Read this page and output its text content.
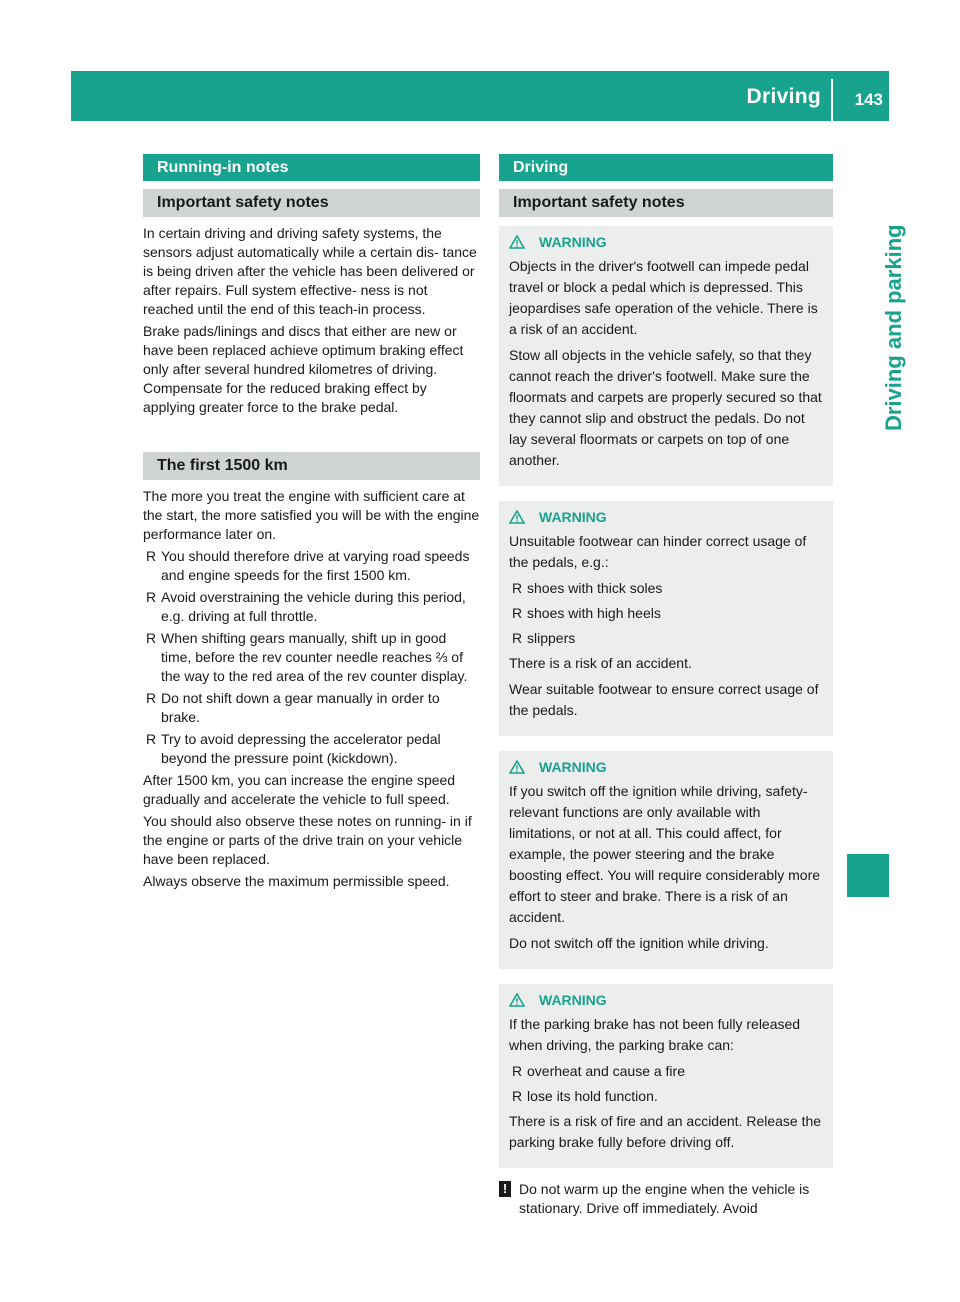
Driving 143
Driving and parking
Running-in notes
Important safety notes

In certain driving and driving safety systems, the sensors adjust automatically while a certain dis- tance is being driven after the vehicle has been delivered or after repairs. Full system effective- ness is not reached until the end of this teach-in process.

Brake pads/linings and discs that either are new or have been replaced achieve optimum braking effect only after several hundred kilometres of driving. Compensate for the reduced braking effect by applying greater force to the brake pedal.

The first 1500 km

The more you treat the engine with sufficient care at the start, the more satisfied you will be with the engine performance later on.

R You should therefore drive at varying road speeds and engine speeds for the first 1500 km.
R Avoid overstraining the vehicle during this period, e.g. driving at full throttle.
R When shifting gears manually, shift up in good time, before the rev counter needle reaches ⅔ of the way to the red area of the rev counter display.
R Do not shift down a gear manually in order to brake.
R Try to avoid depressing the accelerator pedal beyond the pressure point (kickdown).

After 1500 km, you can increase the engine speed gradually and accelerate the vehicle to full speed.

You should also observe these notes on running- in if the engine or parts of the drive train on your vehicle have been replaced.

Always observe the maximum permissible speed.

Driving
Important safety notes
WARNING

Objects in the driver's footwell can impede pedal travel or block a pedal which is depressed. This jeopardises safe operation of the vehicle. There is a risk of an accident.

Stow all objects in the vehicle safely, so that they cannot reach the driver's footwell. Make sure the floormats and carpets are properly secured so that they cannot slip and obstruct the pedals. Do not lay several floormats or carpets on top of one another.

WARNING

Unsuitable footwear can hinder correct usage of the pedals, e.g.:

R shoes with thick soles
R shoes with high heels
R slippers

There is a risk of an accident.

Wear suitable footwear to ensure correct usage of the pedals.

WARNING

If you switch off the ignition while driving, safety-relevant functions are only available with limitations, or not at all. This could affect, for example, the power steering and the brake boosting effect. You will require considerably more effort to steer and brake. There is a risk of an accident.

Do not switch off the ignition while driving.

WARNING

If the parking brake has not been fully released when driving, the parking brake can:

R overheat and cause a fire
R lose its hold function.

There is a risk of fire and an accident. Release the parking brake fully before driving off.

! Do not warm up the engine when the vehicle is stationary. Drive off immediately. Avoid
